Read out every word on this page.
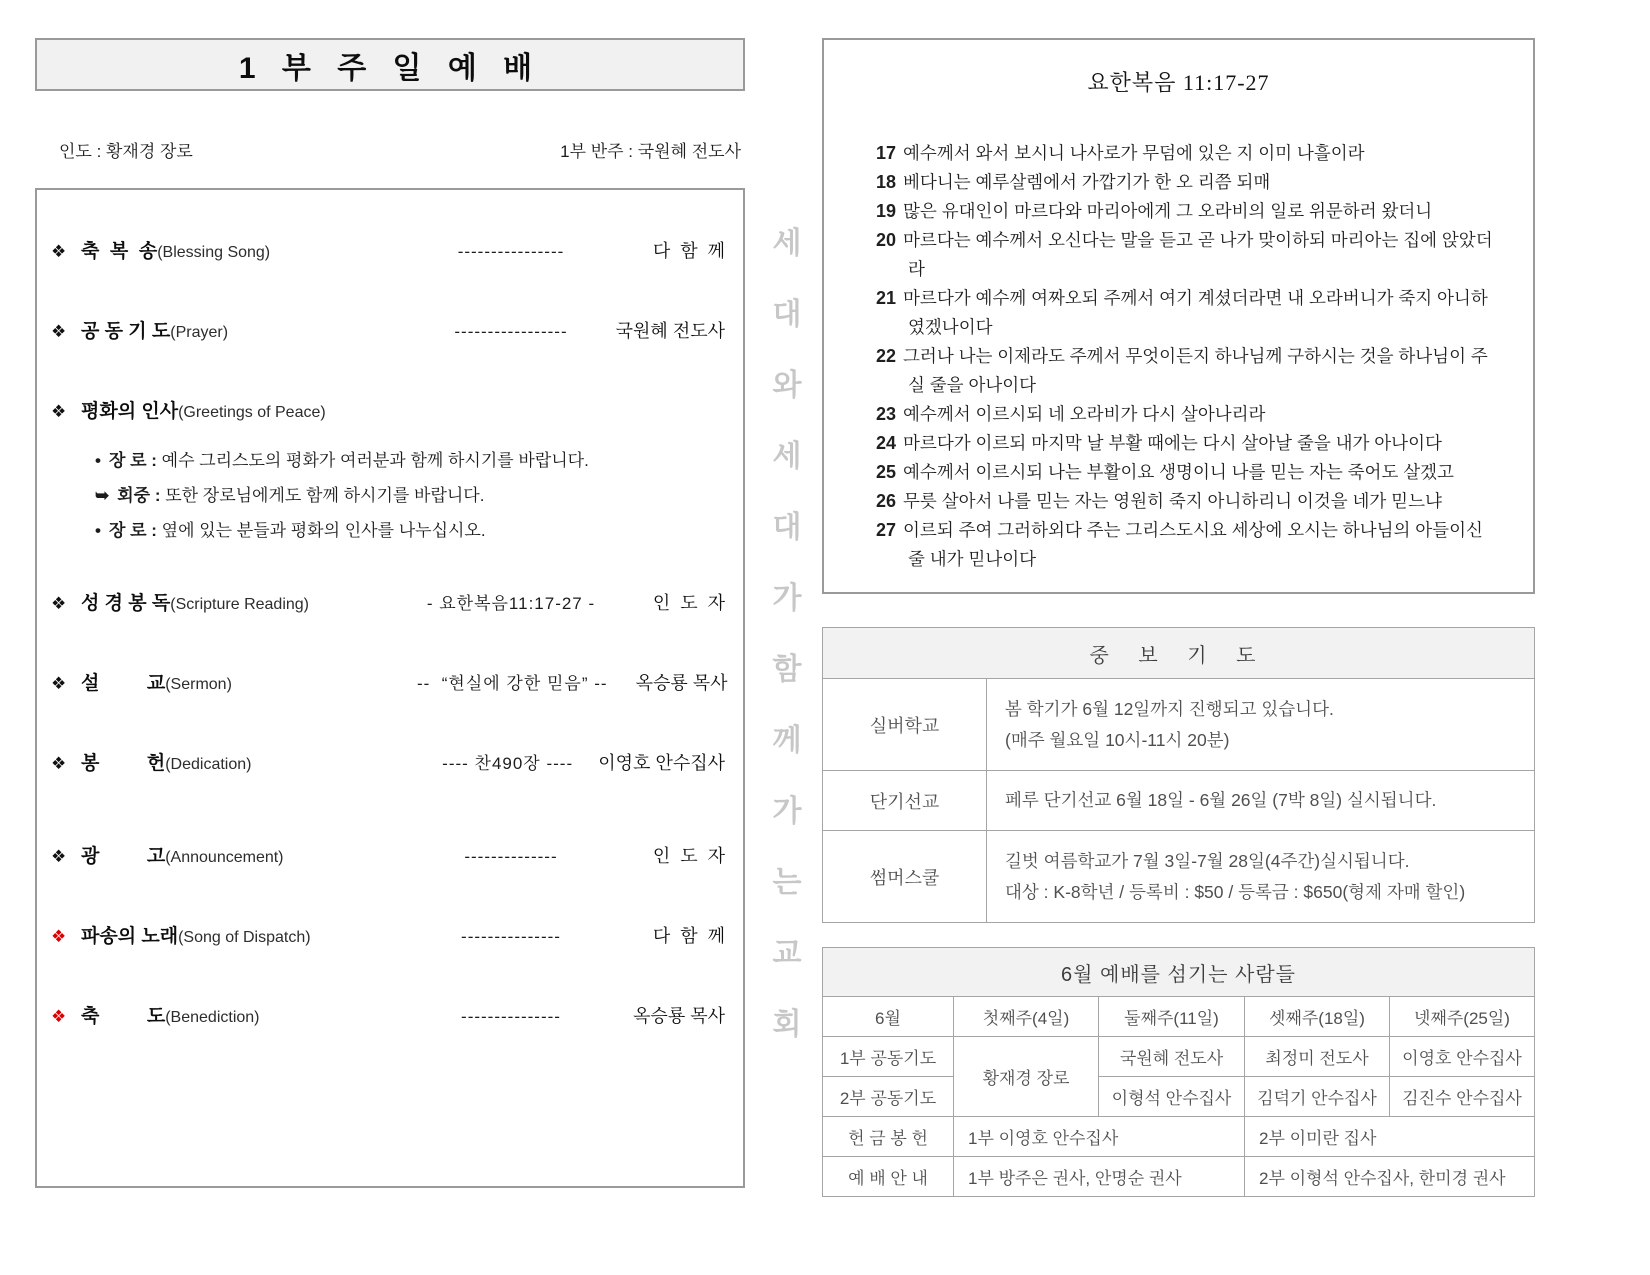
1 부 주 일 예 배
인도 : 황재경 장로	1부 반주 : 국원혜 전도사
❖ 축  복  송(Blessing Song)	----------------	다  함  께
❖ 공 동 기 도(Prayer)	-----------------	국원혜 전도사
❖ 평화의 인사(Greetings of Peace)
• 장 로 : 예수 그리스도의 평화가 여러분과 함께 하시기를 바랍니다.
➥ 회중 : 또한 장로님에게도 함께 하시기를 바랍니다.
• 장 로 : 옆에 있는 분들과 평화의 인사를 나누십시오.
❖ 성 경 봉 독(Scripture Reading)	- 요한복음11:17-27 -	인  도  자
❖ 설         교(Sermon)	--  “현실에 강한 믿음” --	옥승룡 목사
❖ 봉         헌(Dedication)	---- 찬490장 ----	이영호 안수집사
❖ 광         고(Announcement)	--------------	인  도  자
❖ 파송의 노래(Song of Dispatch)	---------------	다  함  께
❖ 축         도(Benediction)	---------------	옥승룡 목사
세
대
와
세
대
가
함
께
가
는
교
회
요한복음 11:17-27
17 예수께서 와서 보시니 나사로가 무덤에 있은 지 이미 나흘이라
18 베다니는 예루살렘에서 가깝기가 한 오 리쯤 되매
19 많은 유대인이 마르다와 마리아에게 그 오라비의 일로 위문하러 왔더니
20 마르다는 예수께서 오신다는 말을 듣고 곧 나가 맞이하되 마리아는 집에 앉았더라
21 마르다가 예수께 여짜오되 주께서 여기 계셨더라면 내 오라버니가 죽지 아니하였겠나이다
22 그러나 나는 이제라도 주께서 무엇이든지 하나님께 구하시는 것을 하나님이 주실 줄을 아나이다
23 예수께서 이르시되 네 오라비가 다시 살아나리라
24 마르다가 이르되 마지막 날 부활 때에는 다시 살아날 줄을 내가 아나이다
25 예수께서 이르시되 나는 부활이요 생명이니 나를 믿는 자는 죽어도 살겠고
26 무릇 살아서 나를 믿는 자는 영원히 죽지 아니하리니 이것을 네가 믿느냐
27 이르되 주여 그러하외다 주는 그리스도시요 세상에 오시는 하나님의 아들이신 줄 내가 믿나이다
중 보 기 도	
실버학교	봄 학기가 6월 12일까지 진행되고 있습니다.
(매주 월요일 10시-11시 20분)

단기선교	페루 단기선교 6월 18일 - 6월 26일 (7박 8일) 실시됩니다.

썸머스쿨	길벗 여름학교가 7월 3일-7월 28일(4주간)실시됩니다.
대상 : K-8학년 / 등록비 : $50 / 등록금 : $650(형제 자매 할인)
6월 예배를 섬기는 사람들				
6월	첫째주(4일)	둘째주(11일)	셋째주(18일)	넷째주(25일)
1부 공동기도	황재경 장로	국원혜 전도사	최정미 전도사	이영호 안수집사
2부 공동기도		이형석 안수집사	김덕기 안수집사	김진수 안수집사
헌 금 봉 헌	1부 이영호 안수집사		2부 이미란 집사	
예 배 안 내	1부 방주은 권사, 안명순 권사		2부 이형석 안수집사, 한미경 권사	
